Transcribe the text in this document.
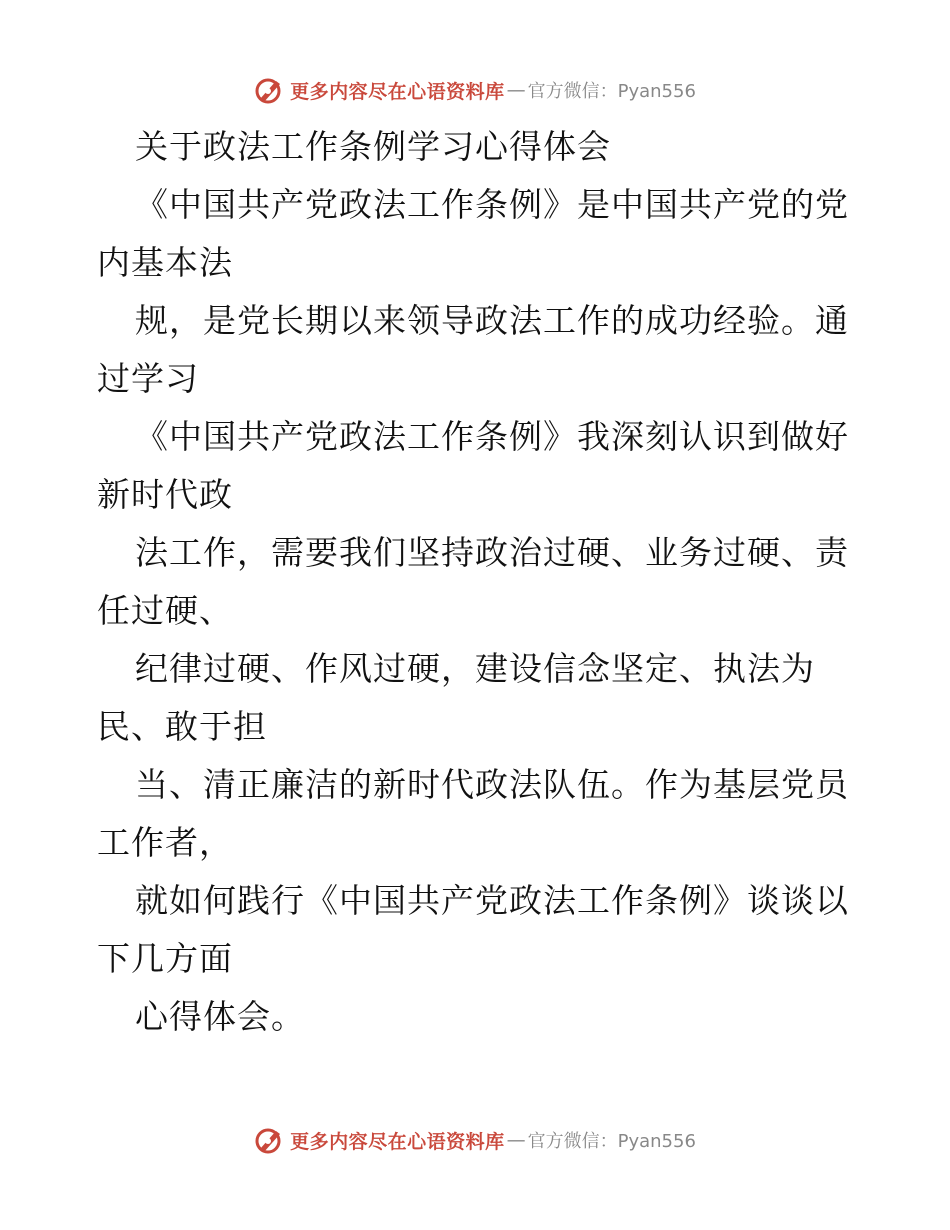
更多内容尽在心语资料库 — 官方微信：Pyan556
关于政法工作条例学习心得体会
《中国共产党政法工作条例》是中国共产党的党
内基本法
规，是党长期以来领导政法工作的成功经验。通
过学习
《中国共产党政法工作条例》我深刻认识到做好
新时代政
法工作，需要我们坚持政治过硬、业务过硬、责
任过硬、
纪律过硬、作风过硬，建设信念坚定、执法为
民、敢于担
当、清正廉洁的新时代政法队伍。作为基层党员
工作者，
就如何践行《中国共产党政法工作条例》谈谈以
下几方面
心得体会。
更多内容尽在心语资料库 — 官方微信：Pyan556
